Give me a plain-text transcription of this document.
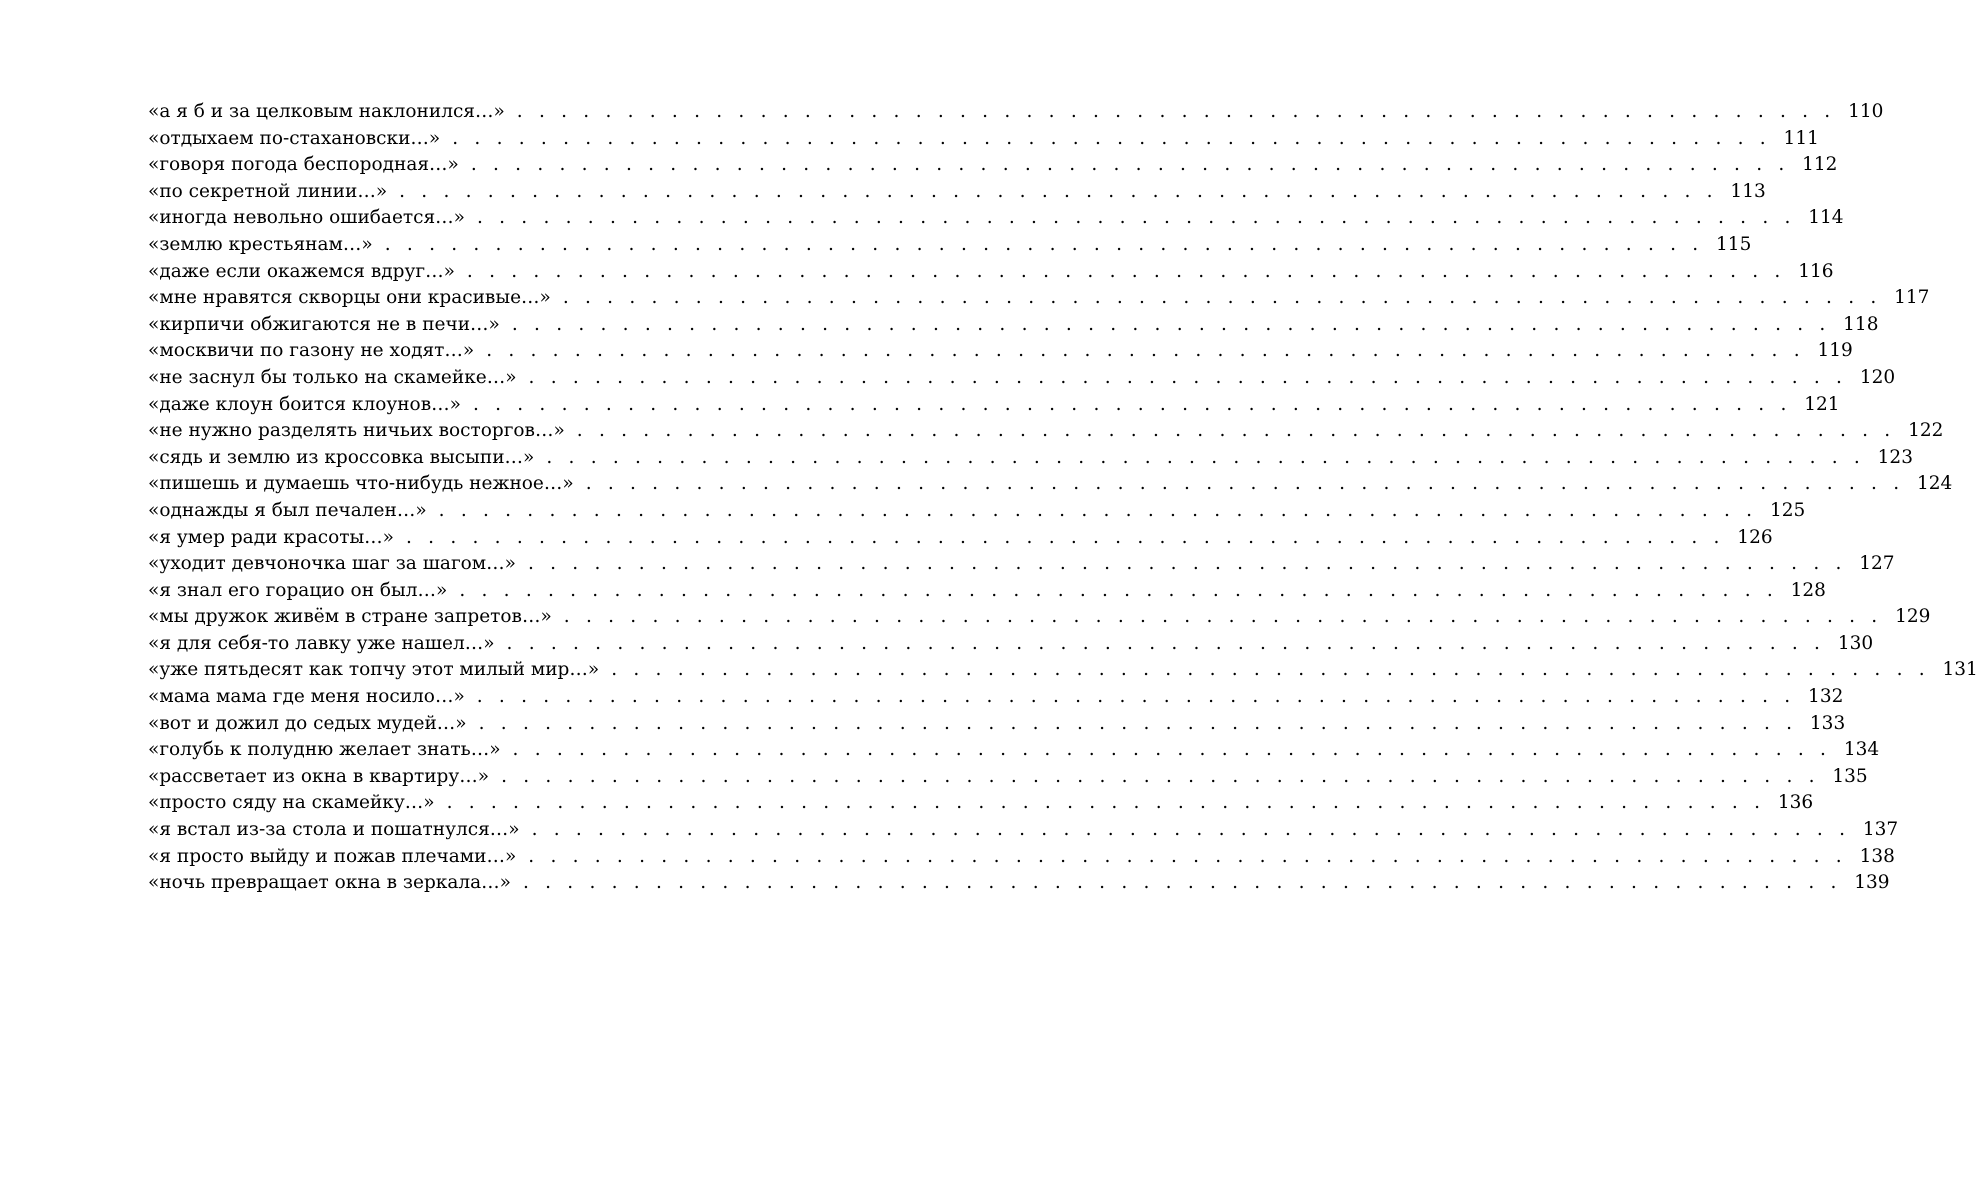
«а я б и за целковым наклонился…» . . . . . . . . . . . . . . . . . . . . . . . . . . . . . . . . . . . . . . . . . . . . . . . . . . . . . . . . . . . . 110
«отдыхаем по-стахановски…» . . . . . . . . . . . . . . . . . . . . . . . . . . . . . . . . . . . . . . . . . . . . . . . . . . . . . . . . . . . . 111
«говоря погода беспородная…» . . . . . . . . . . . . . . . . . . . . . . . . . . . . . . . . . . . . . . . . . . . . . . . . . . . . . . . . . . . . 112
«по секретной линии…» . . . . . . . . . . . . . . . . . . . . . . . . . . . . . . . . . . . . . . . . . . . . . . . . . . . . . . . . . . . . 113
«иногда невольно ошибается…» . . . . . . . . . . . . . . . . . . . . . . . . . . . . . . . . . . . . . . . . . . . . . . . . . . . . . . . . . . . . 114
«землю крестьянам…» . . . . . . . . . . . . . . . . . . . . . . . . . . . . . . . . . . . . . . . . . . . . . . . . . . . . . . . . . . . . 115
«даже если окажемся вдруг…» . . . . . . . . . . . . . . . . . . . . . . . . . . . . . . . . . . . . . . . . . . . . . . . . . . . . . . . . . . . . 116
«мне нравятся скворцы они красивые…» . . . . . . . . . . . . . . . . . . . . . . . . . . . . . . . . . . . . . . . . . . . . . . . . . . . . . . . . . . . . 117
«кирпичи обжигаются не в печи…» . . . . . . . . . . . . . . . . . . . . . . . . . . . . . . . . . . . . . . . . . . . . . . . . . . . . . . . . . . . . 118
«москвичи по газону не ходят…» . . . . . . . . . . . . . . . . . . . . . . . . . . . . . . . . . . . . . . . . . . . . . . . . . . . . . . . . . . . . 119
«не заснул бы только на скамейке…» . . . . . . . . . . . . . . . . . . . . . . . . . . . . . . . . . . . . . . . . . . . . . . . . . . . . . . . . . . . . 120
«даже клоун боится клоунов…» . . . . . . . . . . . . . . . . . . . . . . . . . . . . . . . . . . . . . . . . . . . . . . . . . . . . . . . . . . . . 121
«не нужно разделять ничьих восторгов…» . . . . . . . . . . . . . . . . . . . . . . . . . . . . . . . . . . . . . . . . . . . . . . . . . . . . . . . . . . . . 122
«сядь и землю из кроссовка высыпи…» . . . . . . . . . . . . . . . . . . . . . . . . . . . . . . . . . . . . . . . . . . . . . . . . . . . . . . . . . . . . 123
«пишешь и думаешь что-нибудь нежное…» . . . . . . . . . . . . . . . . . . . . . . . . . . . . . . . . . . . . . . . . . . . . . . . . . . . . . . . . . . . . 124
«однажды я был печален…» . . . . . . . . . . . . . . . . . . . . . . . . . . . . . . . . . . . . . . . . . . . . . . . . . . . . . . . . . . . . 125
«я умер ради красоты…» . . . . . . . . . . . . . . . . . . . . . . . . . . . . . . . . . . . . . . . . . . . . . . . . . . . . . . . . . . . . 126
«уходит девчоночка шаг за шагом…» . . . . . . . . . . . . . . . . . . . . . . . . . . . . . . . . . . . . . . . . . . . . . . . . . . . . . . . . . . . . 127
«я знал его горацио он был…» . . . . . . . . . . . . . . . . . . . . . . . . . . . . . . . . . . . . . . . . . . . . . . . . . . . . . . . . . . . . 128
«мы дружок живём в стране запретов…» . . . . . . . . . . . . . . . . . . . . . . . . . . . . . . . . . . . . . . . . . . . . . . . . . . . . . . . . . . . . 129
«я для себя-то лавку уже нашел…» . . . . . . . . . . . . . . . . . . . . . . . . . . . . . . . . . . . . . . . . . . . . . . . . . . . . . . . . . . . . 130
«уже пятьдесят как топчу этот милый мир…» . . . . . . . . . . . . . . . . . . . . . . . . . . . . . . . . . . . . . . . . . . . . . . . . . . . . . . . . . . . . 131
«мама мама где меня носило…» . . . . . . . . . . . . . . . . . . . . . . . . . . . . . . . . . . . . . . . . . . . . . . . . . . . . . . . . . . . . 132
«вот и дожил до седых мудей…» . . . . . . . . . . . . . . . . . . . . . . . . . . . . . . . . . . . . . . . . . . . . . . . . . . . . . . . . . . . . 133
«голубь к полудню желает знать…» . . . . . . . . . . . . . . . . . . . . . . . . . . . . . . . . . . . . . . . . . . . . . . . . . . . . . . . . . . . . 134
«рассветает из окна в квартиру…» . . . . . . . . . . . . . . . . . . . . . . . . . . . . . . . . . . . . . . . . . . . . . . . . . . . . . . . . . . . . 135
«просто сяду на скамейку…» . . . . . . . . . . . . . . . . . . . . . . . . . . . . . . . . . . . . . . . . . . . . . . . . . . . . . . . . . . . . 136
«я встал из-за стола и пошатнулся…» . . . . . . . . . . . . . . . . . . . . . . . . . . . . . . . . . . . . . . . . . . . . . . . . . . . . . . . . . . . . 137
«я просто выйду и пожав плечами…» . . . . . . . . . . . . . . . . . . . . . . . . . . . . . . . . . . . . . . . . . . . . . . . . . . . . . . . . . . . . 138
«ночь превращает окна в зеркала…» . . . . . . . . . . . . . . . . . . . . . . . . . . . . . . . . . . . . . . . . . . . . . . . . . . . . . . . . . . . . 139
